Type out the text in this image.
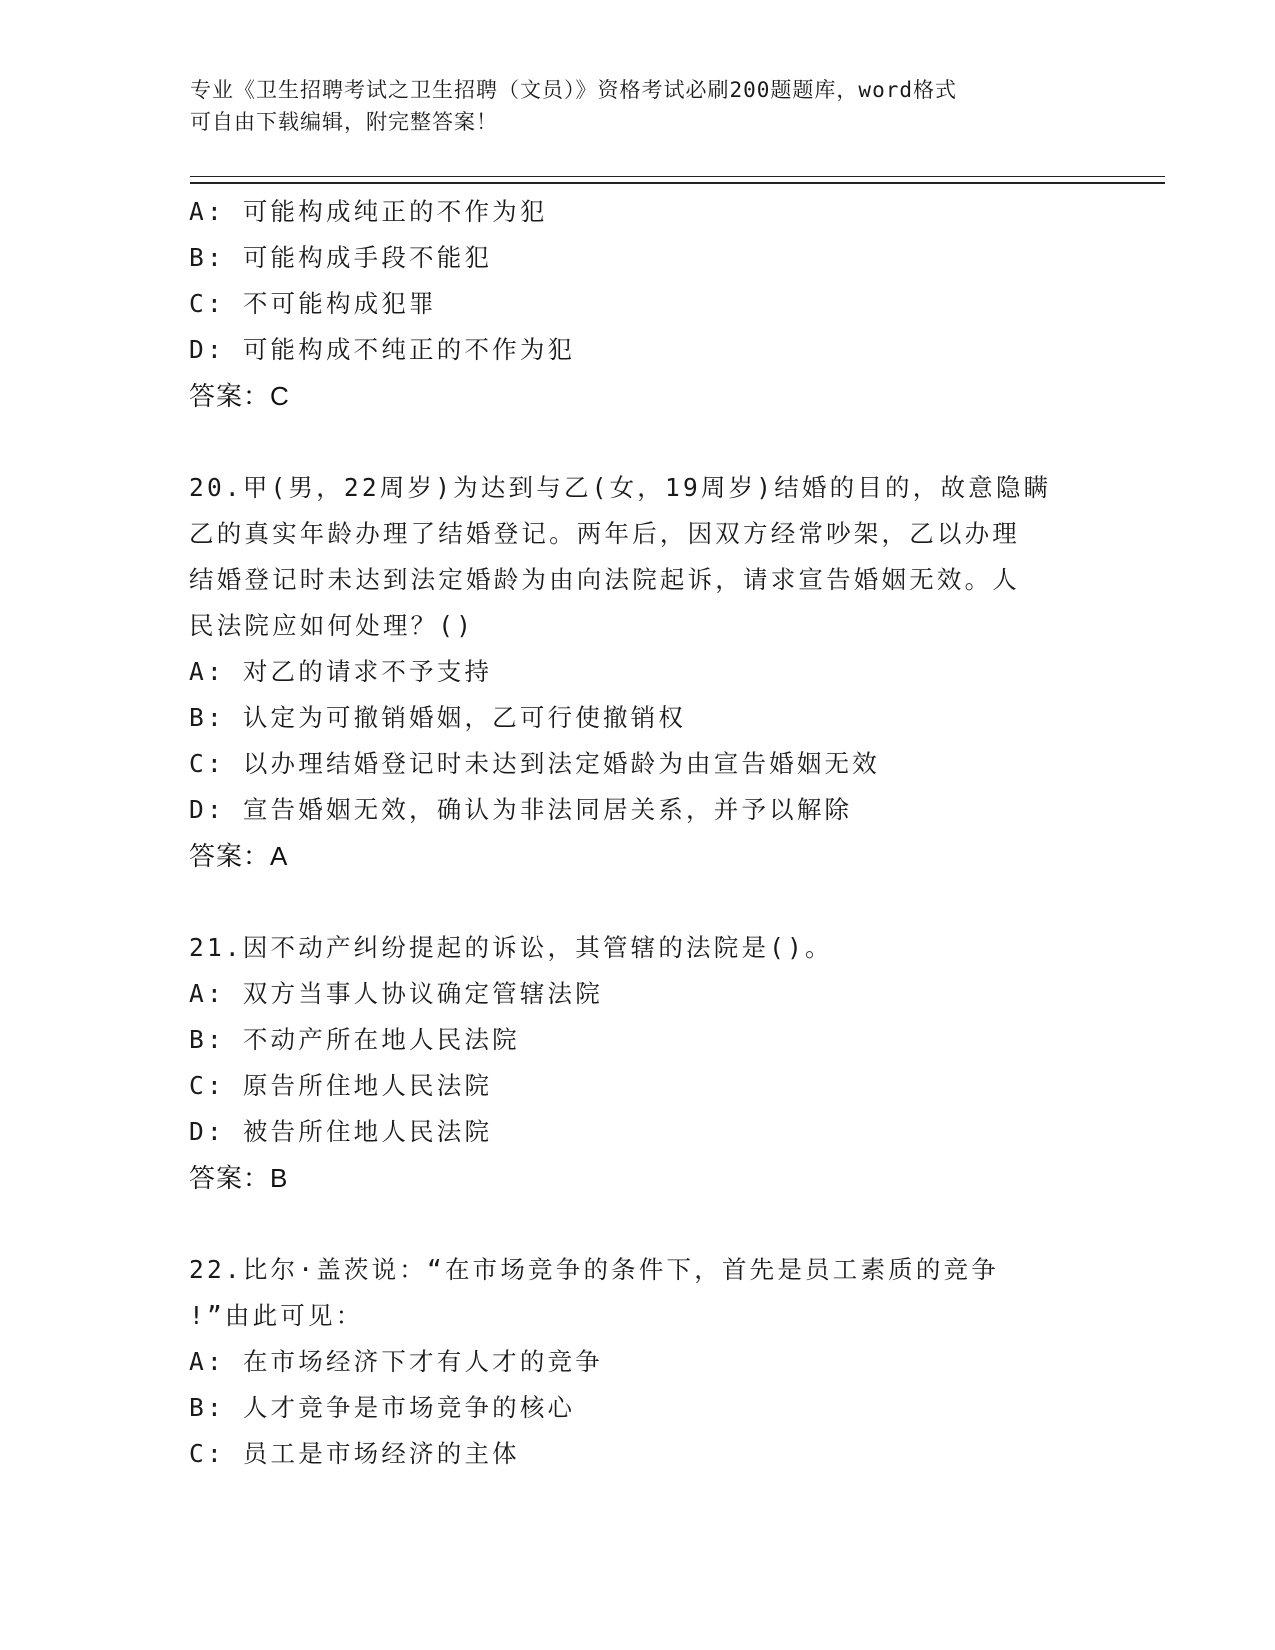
专业《卫生招聘考试之卫生招聘（文员）》资格考试必刷200题题库，word格式
可自由下载编辑，附完整答案！
A: 可能构成纯正的不作为犯
B: 可能构成手段不能犯
C: 不可能构成犯罪
D: 可能构成不纯正的不作为犯
答案：C
20.甲(男，22周岁)为达到与乙(女，19周岁)结婚的目的，故意隐瞒
乙的真实年龄办理了结婚登记。两年后，因双方经常吵架，乙以办理
结婚登记时未达到法定婚龄为由向法院起诉，请求宣告婚姻无效。人
民法院应如何处理？()
A: 对乙的请求不予支持
B: 认定为可撤销婚姻，乙可行使撤销权
C: 以办理结婚登记时未达到法定婚龄为由宣告婚姻无效
D: 宣告婚姻无效，确认为非法同居关系，并予以解除
答案：A
21.因不动产纠纷提起的诉讼，其管辖的法院是()。
A: 双方当事人协议确定管辖法院
B: 不动产所在地人民法院
C: 原告所住地人民法院
D: 被告所住地人民法院
答案：B
22.比尔·盖茨说：“在市场竞争的条件下，首先是员工素质的竞争
!”由此可见：
A: 在市场经济下才有人才的竞争
B: 人才竞争是市场竞争的核心
C: 员工是市场经济的主体
